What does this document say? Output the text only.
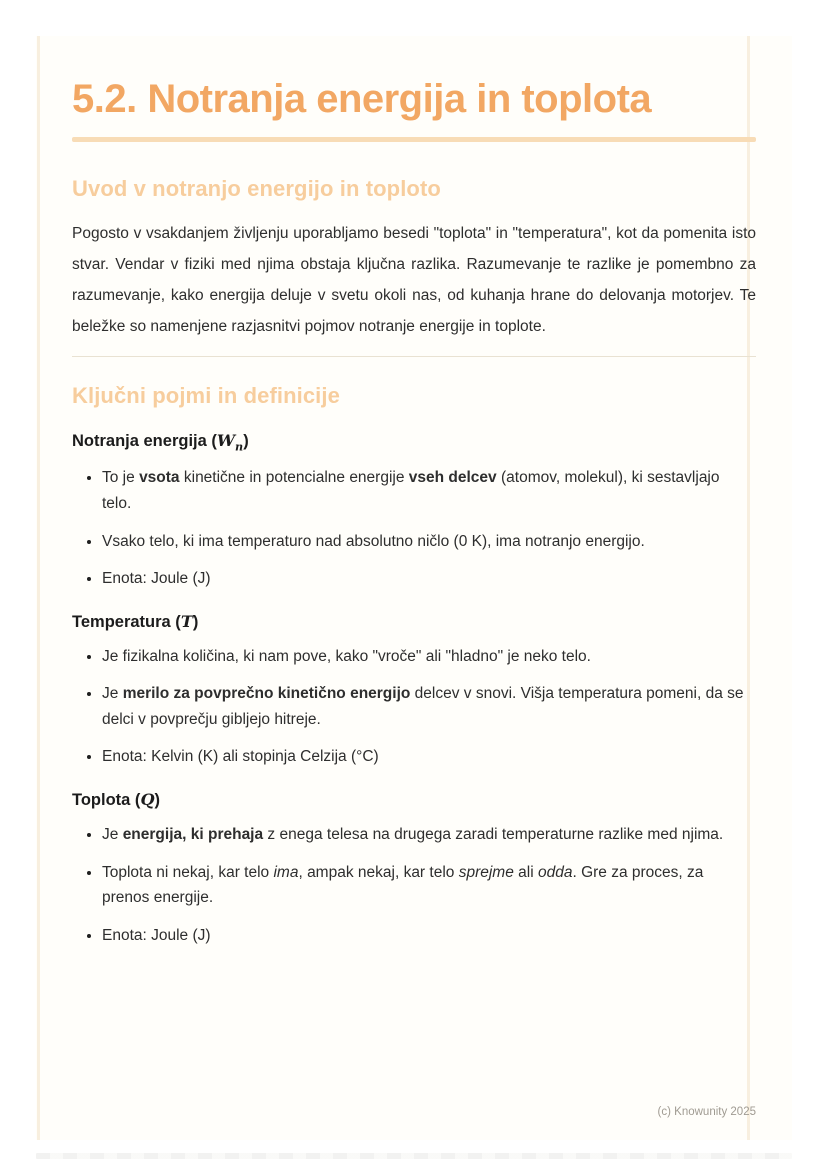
5.2. Notranja energija in toplota
Uvod v notranjo energijo in toploto

Pogosto v vsakdanjem življenju uporabljamo besedi "toplota" in "temperatura", kot da pomenita isto stvar. Vendar v fiziki med njima obstaja ključna razlika. Razumevanje te razlike je pomembno za razumevanje, kako energija deluje v svetu okoli nas, od kuhanja hrane do delovanja motorjev. Te beležke so namenjene razjasnitvi pojmov notranje energije in toplote.

Ključni pojmi in definicije
Notranja energija $(W_n)$
• To je vsota kinetične in potencialne energije vseh delcev (atomov, molekul), ki sestavljajo telo.
• Vsako telo, ki ima temperaturo nad absolutno ničlo (0 K), ima notranjo energijo.
• Enota: Joule (J)
Temperatura (T)
• Je fizikalna količina, ki nam pove, kako "vroče" ali "hladno" je neko telo.
• Je merilo za povprečno kinetično energijo delcev v snovi. Višja temperatura pomeni, da se delci v povprečju gibljejo hitreje.
• Enota: Kelvin (K) ali stopinja Celzija (°C)
Toplota (Q)
• Je energija, ki prehaja z enega telesa na drugega zaradi temperaturne razlike med njima.
• Toplota ni nekaj, kar telo ima, ampak nekaj, kar telo sprejme ali odda. Gre za proces, za prenos energije.
• Enota: Joule (J)
(c) Knowunity 2025
